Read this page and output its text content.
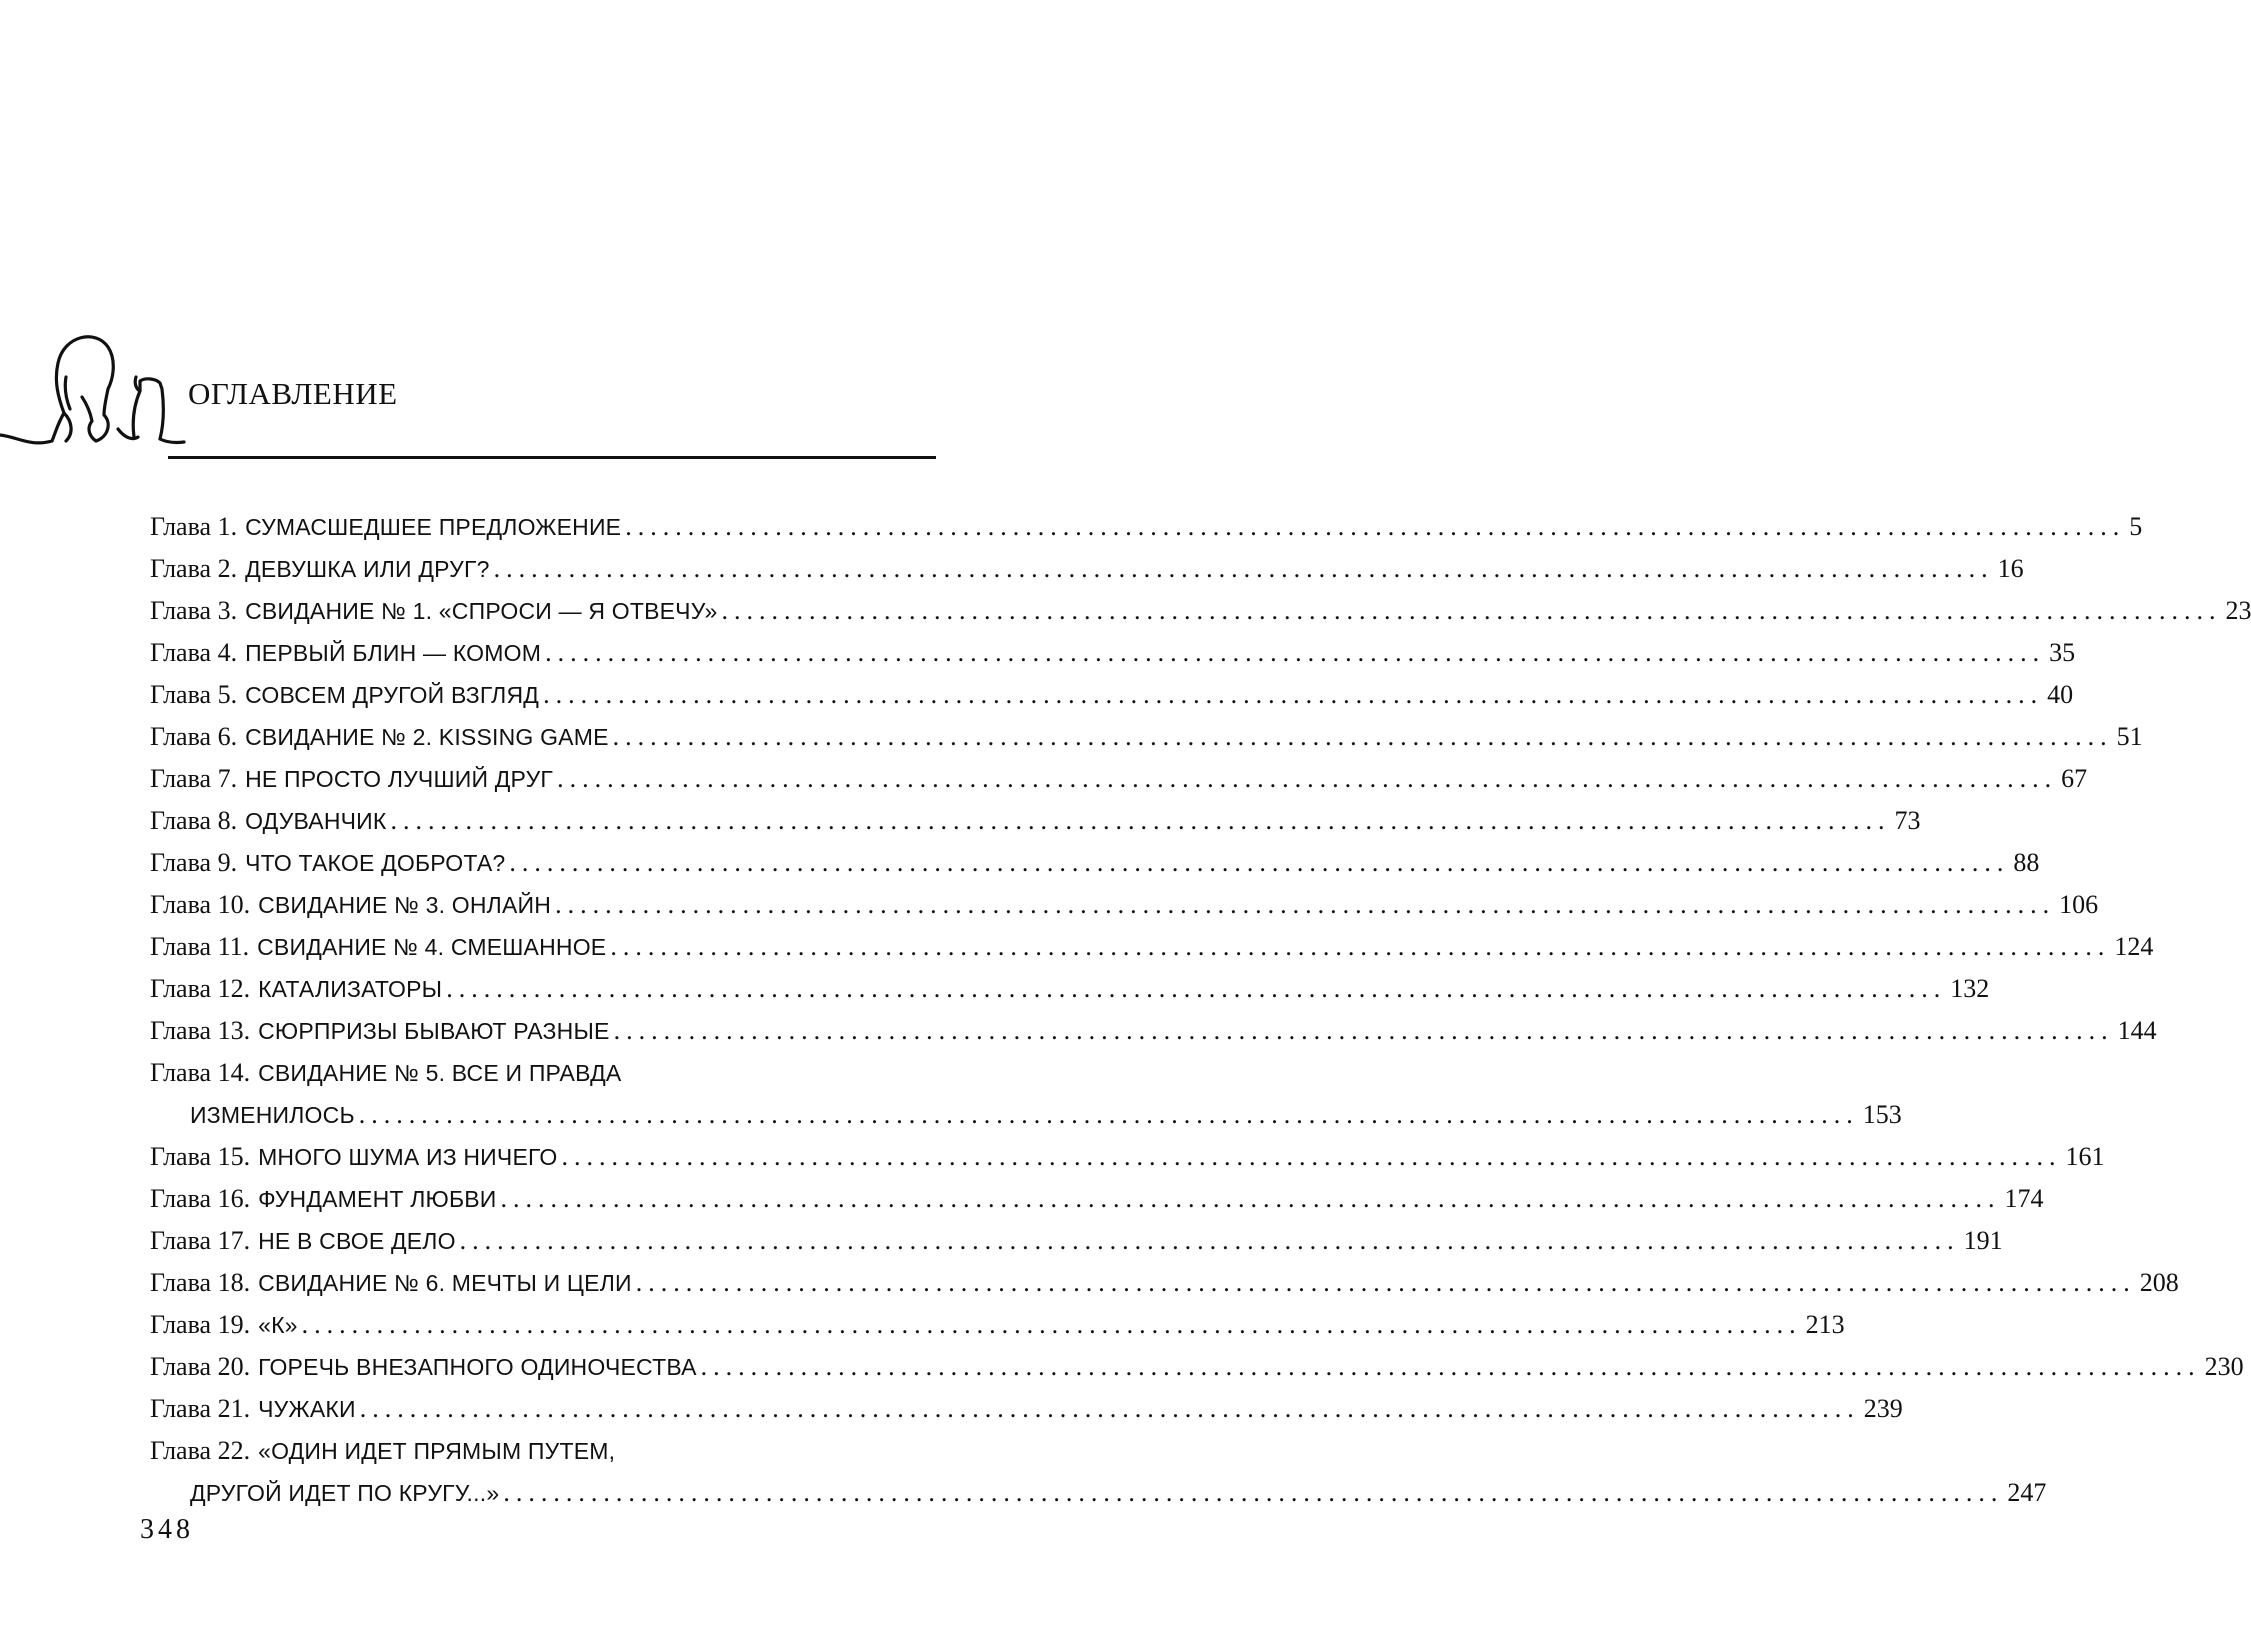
ОГЛАВЛЕНИЕ
Глава 1. СУМАСШЕДШЕЕ ПРЕДЛОЖЕНИЕ ........................................................................................................................ 5
Глава 2. ДЕВУШКА ИЛИ ДРУГ? ........................................................................................................................ 16
Глава 3. СВИДАНИЕ № 1. «СПРОСИ — Я ОТВЕЧУ» ........................................................................................................................ 23
Глава 4. ПЕРВЫЙ БЛИН — КОМОМ ........................................................................................................................ 35
Глава 5. СОВСЕМ ДРУГОЙ ВЗГЛЯД ........................................................................................................................ 40
Глава 6. СВИДАНИЕ № 2. KISSING GAME ........................................................................................................................ 51
Глава 7. НЕ ПРОСТО ЛУЧШИЙ ДРУГ ........................................................................................................................ 67
Глава 8. ОДУВАНЧИК ........................................................................................................................ 73
Глава 9. ЧТО ТАКОЕ ДОБРОТА? ........................................................................................................................ 88
Глава 10. СВИДАНИЕ № 3. ОНЛАЙН ........................................................................................................................ 106
Глава 11. СВИДАНИЕ № 4. СМЕШАННОЕ ........................................................................................................................ 124
Глава 12. КАТАЛИЗАТОРЫ ........................................................................................................................ 132
Глава 13. СЮРПРИЗЫ БЫВАЮТ РАЗНЫЕ ........................................................................................................................ 144
Глава 14. СВИДАНИЕ № 5. ВСЕ И ПРАВДА
ИЗМЕНИЛОСЬ ........................................................................................................................ 153
Глава 15. МНОГО ШУМА ИЗ НИЧЕГО ........................................................................................................................ 161
Глава 16. ФУНДАМЕНТ ЛЮБВИ ........................................................................................................................ 174
Глава 17. НЕ В СВОЕ ДЕЛО ........................................................................................................................ 191
Глава 18. СВИДАНИЕ № 6. МЕЧТЫ И ЦЕЛИ ........................................................................................................................ 208
Глава 19. «К» ........................................................................................................................ 213
Глава 20. ГОРЕЧЬ ВНЕЗАПНОГО ОДИНОЧЕСТВА ........................................................................................................................ 230
Глава 21. ЧУЖАКИ ........................................................................................................................ 239
Глава 22. «ОДИН ИДЕТ ПРЯМЫМ ПУТЕМ,
ДРУГОЙ ИДЕТ ПО КРУГУ...» ........................................................................................................................ 247
348
